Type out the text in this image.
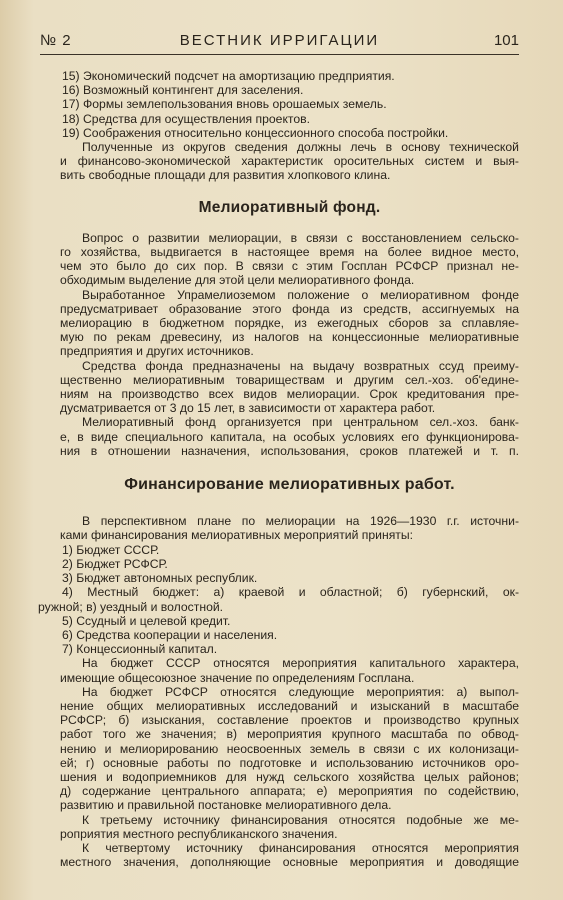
№ 2	ВЕСТНИК ИРРИГАЦИИ	101
15) Экономический подсчет на амортизацию предприятия.
16) Возможный контингент для заселения.
17) Формы землепользования вновь орошаемых земель.
18) Средства для осуществления проектов.
19) Соображения относительно концессионного способа постройки.
Полученные из округов сведения должны лечь в основу технической
и финансово-экономической характеристик оросительных систем и выя-
вить свободные площади для развития хлопкового клина.
Мелиоративный фонд.
Вопрос о развитии мелиорации, в связи с восстановлением сельско-
го хозяйства, выдвигается в настоящее время на более видное место,
чем это было до сих пор. В связи с этим Госплан РСФСР признал не-
обходимым выделение для этой цели мелиоративного фонда.
Выработанное Упрамелиоземом положение о мелиоративном фонде
предусматривает образование этого фонда из средств, ассигнуемых на
мелиорацию в бюджетном порядке, из ежегодных сборов за сплавляе-
мую по рекам древесину, из налогов на концессионные мелиоративные
предприятия и других источников.
Средства фонда предназначены на выдачу возвратных ссуд преиму-
щественно мелиоративным товариществам и другим сел.-хоз. об'едине-
ниям на производство всех видов мелиорации. Срок кредитования пре-
дусматривается от 3 до 15 лет, в зависимости от характера работ.
Мелиоративный фонд организуется при центральном сел.-хоз. банк-
е, в виде специального капитала, на особых условиях его функционирова-
ния в отношении назначения, использования, сроков платежей и т. п.
Финансирование мелиоративных работ.
В перспективном плане по мелиорации на 1926—1930 г.г. источни-
ками финансирования мелиоративных мероприятий приняты:
1) Бюджет СССР.
2) Бюджет РСФСР.
3) Бюджет автономных республик.
4) Местный бюджет: а) краевой и областной; б) губернский, ок-
ружной; в) уездный и волостной.
5) Ссудный и целевой кредит.
6) Средства кооперации и населения.
7) Концессионный капитал.
На бюджет СССР относятся мероприятия капитального характера,
имеющие общесоюзное значение по определениям Госплана.
На бюджет РСФСР относятся следующие мероприятия: а) выпол-
нение общих мелиоративных исследований и изысканий в масштабе
РСФСР; б) изыскания, составление проектов и производство крупных
работ того же значения; в) мероприятия крупного масштаба по обвод-
нению и мелиорированию неосвоенных земель в связи с их колонизаци-
ей; г) основные работы по подготовке и использованию источников оро-
шения и водоприемников для нужд сельского хозяйства целых районов;
д) содержание центрального аппарата; е) мероприятия по содействию,
развитию и правильной постановке мелиоративного дела.
К третьему источнику финансирования относятся подобные же ме-
роприятия местного республиканского значения.
К четвертому источнику финансирования относятся мероприятия
местного значения, дополняющие основные мероприятия и доводящие
